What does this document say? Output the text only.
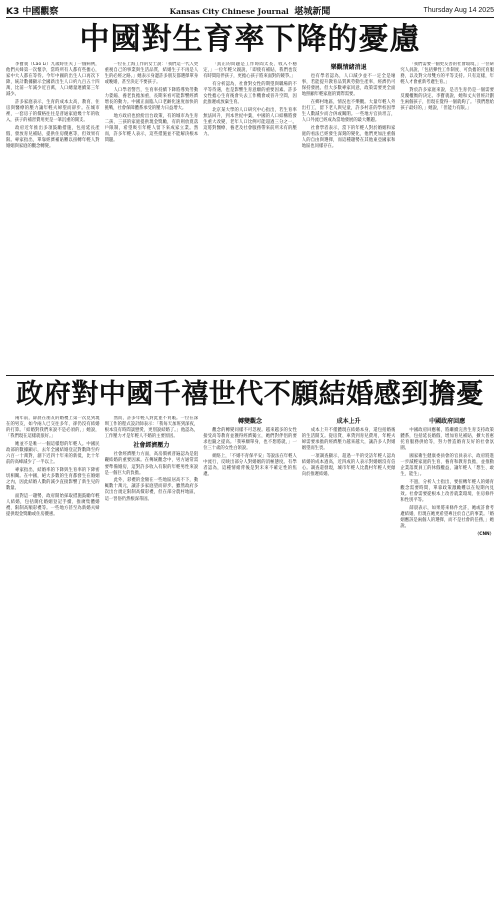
K3 中國觀察	Kansas City Chinese Journal 堪城新聞	Thursday Aug 14 2025
中國對生育率下降的憂慮
李寶義（Cao Li）九歲時住夫了一個病例，他們夫婦第一次懷孕，當時所有人都有些擔心，家中大人都在等待。今年中國的出生人口再次下降，統計數據顯示全國新出生人口約九百五十四萬，比前一年減少近百萬，人口總量連續第三年減少。
許多家庭表示，生育的成本太高，教育、住房與醫療的壓力讓年輕夫婦望而卻步。在城市裡，一套房子的價格往往是普通家庭幾十年的收入，孩子的補習費用更是一筆沉重的開支。
政府近年推出多項鼓勵措施，包括延長產假、發放育兒補貼、提供住房優惠等，但效果有限。專家指出，單靠經濟補貼難以扭轉年輕人對婚姻與家庭的觀念轉變。
一位在上海工作的女士說：「我們這一代人更重視自己的事業與生活品質，結婚生子不再是人生的必經之路。」她表示身邊許多朋友都選擇單身或晚婚，甚至決定不要孩子。
人口學者警告，生育率持續下降將導致勞動力萎縮、養老負擔加重，長期來看可能影響經濟增長的動力。中國正面臨人口老齡化速度加快的挑戰，社會保障體系承受的壓力日益增大。
地方政府也紛紛出台政策，有的城市為生育二孩、三孩的家庭提供現金獎勵，有的則放寬落戶限制，希望吸引年輕人留下來成家立業。然而，許多年輕人表示，這些措施並不能解決根本問題。
「真正的問題是工作時間太長、收入不穩定，」一位年輕父親說，「即使有補貼，我們也沒有時間陪伴孩子，更擔心孩子將來面對的競爭。」
有分析認為，社會對女性的期望與職場的不平等待遇，也是影響生育意願的重要因素。許多女性擔心生育後會失去工作機會或晉升空間，因此推遲或放棄生育。
北京某大學的人口研究中心指出，若生育率無法回升，到本世紀中葉，中國的人口結構將發生重大改變，老年人口比例可能超過三分之一。這將對醫療、養老及社會服務帶來前所未有的壓力。
樂觀情緒消退
也有學者認為，人口減少並不一定全是壞事，若能提升教育品質與勞動生產率，經濟仍可保持發展。但大多數專家同意，政策需要更全面地照顧年輕家庭的實際需要。
在鄉村地區，情況也不樂觀。大量年輕人外出打工，留下老人與兒童，許多村莊的學校因學生人數減少而合併或關閉。一些地方官員坦言，人口外流已經成為當地發展的最大難題。
社會學者表示，當下的年輕人對於婚姻和家庭的看法已經發生深刻的變化，他們更加注重個人的自由與選擇，而這種趨勢在其他東亞國家和地區也同樣存在。
「我們需要一個更友善的社會環境，」一位研究人員說，「包括彈性工作制度、可負擔的托育服務，以及對父母雙方的平等支持。只有這樣，年輕人才會重新考慮生育。」
對於許多家庭來說，是否生育仍是一個需要反覆權衡的決定。李寶義說，她和丈夫曾經計劃生兩個孩子，但現在覺得一個就夠了。「我們想給孩子最好的，」她說，「但能力有限。」
政府對中國千禧世代不願結婚感到擔憂
兩年前，薛晨在朋友的婚禮上第一次見到現在的男友，如今兩人已交往多年，卻仍沒有結婚的打算。「結婚對我們來說不是必須的，」她說，「我們現在這樣就很好。」
她並不是唯一一個這樣想的年輕人。中國民政部的數據顯示，去年全國結婚登記對數降至約六百一十萬對，創下近四十年來的新低，比十年前的高峰減少了一半以上。
專家指出，結婚率的下降與生育率的下降密切相關。在中國，絕大多數的生育都發生在婚姻之內，因此結婚人數的減少直接影響了新生兒的數量。
面對這一趨勢，政府開始採取措施鼓勵年輕人結婚，包括簡化婚姻登記手續、推廣集體婚禮、限制高額彩禮等。一些地方甚至為新婚夫婦提供現金獎勵或住房優惠。
然而，許多年輕人對此並不買賬。一位在深圳工作的程式設計師表示：「我每天加班到深夜，根本沒有時間談戀愛，更別說結婚了。」他認為，工作壓力才是年輕人不婚的主要原因。
社會經濟壓力
社會經濟壓力方面，高房價被普遍認為是阻礙結婚的重要因素。在傳統觀念中，男方通常需要準備婚房，這對許多收入有限的年輕男性來說是一個巨大的負擔。
此外，彩禮的金額在一些地區居高不下，動輒數十萬元，讓許多家庭望而卻步。雖然政府多次出台規定限制高價彩禮，但在部分農村地區，這一習俗仍然根深蒂固。
轉變觀念
觀念的轉變同樣不可忽視。越來越多的女性接受高等教育並獲得經濟獨立，她們對伴侶的要求也隨之提高。「我寧願單身，也不想將就，」一位三十歲的女性白領說。
網絡上，「不婚不育保平安」等說法在年輕人中流行，反映出部分人對婚姻的消極態度。有學者認為，這種情緒背後是對未來不確定性的焦慮。
成本上升
成本上升不僅體現在結婚本身，還包括婚後的生活開支。從房貸、車貸到育兒費用，年輕夫婦需要承擔的經濟壓力越來越大，讓許多人對婚姻望而生畏。
一項調查顯示，超過一半的受訪年輕人認為結婚的成本過高，近四成的人表示對婚姻沒有信心。調查還發現，城市年輕人比農村年輕人更傾向於推遲結婚。
中國政府回應
中國政府回應稱，將繼續完善生育支持政策體系，包括延長婚假、增加育兒補貼、擴大普惠托育服務供給等，努力營造婚育友好的社會氛圍。
國家衛生健康委員會的官員表示，政府將進一步減輕家庭的生育、養育和教育負擔，並推動企業落實員工的休假權益，讓年輕人「想生、敢生、能生」。
不過，分析人士指出，要扭轉年輕人的婚育觀念需要時間，單靠政策激勵難以在短期內見效。社會需要從根本上改善就業環境、住房條件和性別平等。
薛晨表示，如果將來條件允許，她或許會考慮結婚，但現在她更希望專注於自己的事業。「婚姻應該是兩個人的選擇，而不是社會的任務，」她說。
（CNN）
